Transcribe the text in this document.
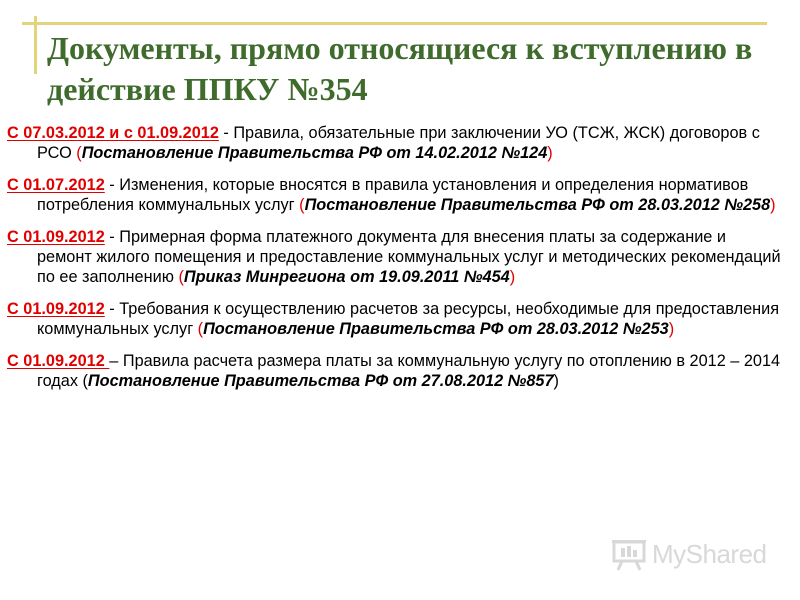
Документы, прямо относящиеся к вступлению в действие ППКУ №354

С 07.03.2012 и с 01.09.2012 - Правила, обязательные при заключении УО (ТСЖ, ЖСК) договоров с РСО (Постановление Правительства РФ от 14.02.2012 №124)

С 01.07.2012 - Изменения, которые вносятся в правила установления и определения нормативов потребления коммунальных услуг (Постановление Правительства РФ от 28.03.2012 №258)

С 01.09.2012 - Примерная форма платежного документа для внесения платы за содержание и ремонт жилого помещения и предоставление коммунальных услуг и методических рекомендаций по ее заполнению (Приказ Минрегиона от 19.09.2011 №454)

С 01.09.2012 - Требования к осуществлению расчетов за ресурсы, необходимые для предоставления коммунальных услуг (Постановление Правительства РФ от 28.03.2012 №253)

С 01.09.2012 – Правила расчета размера платы за коммунальную услугу по отоплению в 2012 – 2014 годах (Постановление Правительства РФ от 27.08.2012 №857)

MyShared
